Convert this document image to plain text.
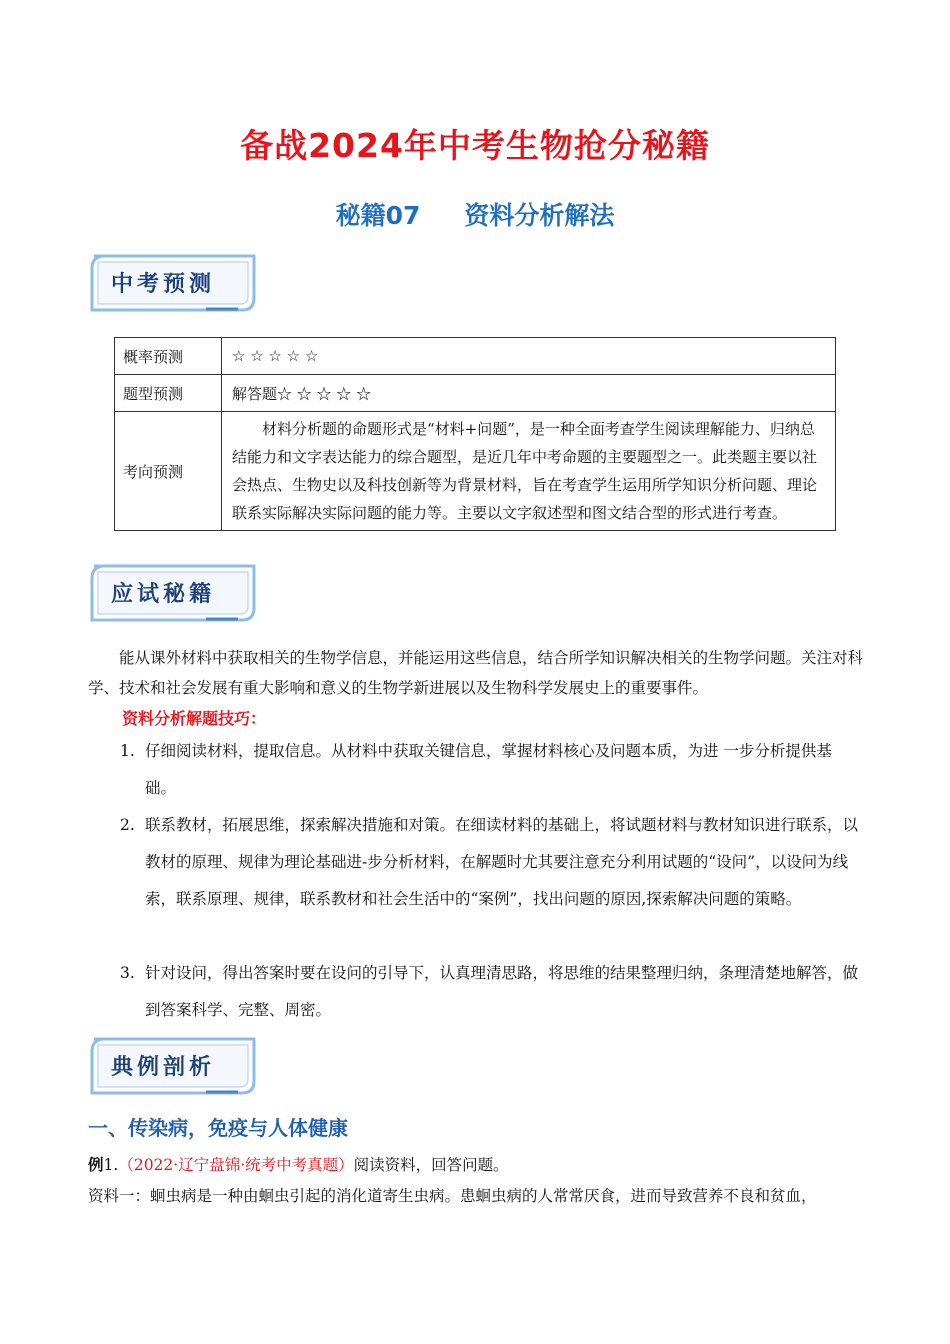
备战2024年中考生物抢分秘籍
秘籍07 资料分析解法
中考预测
概率预测	☆ ☆ ☆ ☆ ☆
题型预测	解答题☆ ☆ ☆ ☆ ☆
考向预测	材料分析题的命题形式是“材料+问题”，是一种全面考查学生阅读理解能力、归纳总结能力和文字表达能力的综合题型，是近几年中考命题的主要题型之一。此类题主要以社会热点、生物史以及科技创新等为背景材料，旨在考查学生运用所学知识分析问题、理论联系实际解决实际问题的能力等。主要以文字叙述型和图文结合型的形式进行考查。
应试秘籍
能从课外材料中获取相关的生物学信息，并能运用这些信息，结合所学知识解决相关的生物学问题。关注对科学、技术和社会发展有重大影响和意义的生物学新进展以及生物科学发展史上的重要事件。
资料分析解题技巧：
1. 仔细阅读材料，提取信息。从材料中获取关键信息，掌握材料核心及问题本质，为进 一步分析提供基础。
2. 联系教材，拓展思维，探索解决措施和对策。在细读材料的基础上，将试题材料与教材知识进行联系，以教材的原理、规律为理论基础进-步分析材料，在解题时尤其要注意充分利用试题的“设问”，以设问为线索，联系原理、规律，联系教材和社会生活中的“案例”，找出问题的原因,探索解决问题的策略。
3. 针对设问，得出答案时要在设问的引导下，认真理清思路，将思维的结果整理归纳，条理清楚地解答，做到答案科学、完整、周密。
典例剖析
一、传染病，免疫与人体健康
例1.（2022·辽宁盘锦·统考中考真题）阅读资料，回答问题。
资料一：蛔虫病是一种由蛔虫引起的消化道寄生虫病。患蛔虫病的人常常厌食，进而导致营养不良和贫血，
